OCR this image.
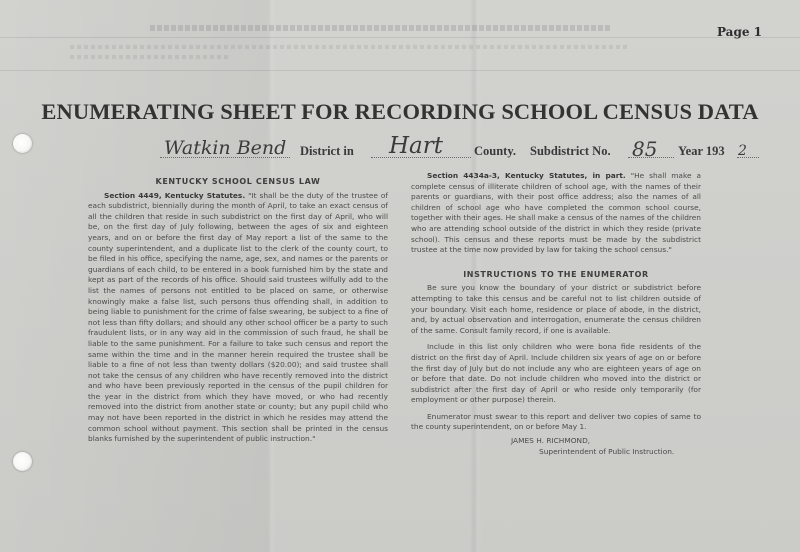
Page 1
ENUMERATING SHEET FOR RECORDING SCHOOL CENSUS DATA
Watkin Bend District in Hart County. Subdistrict No. 85 Year 193 2
KENTUCKY SCHOOL CENSUS LAW

Section 4449, Kentucky Statutes. "It shall be the duty of the trustee of each subdistrict, biennially during the month of April, to take an exact census of all the children that reside in such subdistrict on the first day of April, who will be, on the first day of July following, between the ages of six and eighteen years, and on or before the first day of May report a list of the same to the county superintendent, and a duplicate list to the clerk of the county court, to be filed in his office, specifying the name, age, sex, and names or the parents or guardians of each child, to be entered in a book furnished him by the state and kept as part of the records of his office. Should said trustees wilfully add to the list the names of persons not entitled to be placed on same, or otherwise knowingly make a false list, such persons thus offending shall, in addition to being liable to punishment for the crime of false swearing, be subject to a fine of not less than fifty dollars; and should any other school officer be a party to such fraudulent lists, or in any way aid in the commission of such fraud, he shall be liable to the same punishment. For a failure to take such census and report the same within the time and in the manner herein required the trustee shall be liable to a fine of not less than twenty dollars ($20.00); and said trustee shall not take the census of any children who have recently removed into the district and who have been previously reported in the census of the pupil children for the year in the district from which they have moved, or who had recently removed into the district from another state or county; but any pupil child who may not have been reported in the district in which he resides may attend the common school without payment. This section shall be printed in the census blanks furnished by the superintendent of public instruction."

Section 4434a-3, Kentucky Statutes, in part. "He shall make a complete census of illiterate children of school age, with the names of their parents or guardians, with their post office address; also the names of all children of school age who have completed the common school course, together with their ages. He shall make a census of the names of the children who are attending school outside of the district in which they reside (private school). This census and these reports must be made by the subdistrict trustee at the time now provided by law for taking the school census."

INSTRUCTIONS TO THE ENUMERATOR

Be sure you know the boundary of your district or subdistrict before attempting to take this census and be careful not to list children outside of your boundary. Visit each home, residence or place of abode, in the district, and, by actual observation and interrogation, enumerate the census children of the same. Consult family record, if one is available.

Include in this list only children who were bona fide residents of the district on the first day of April. Include children six years of age on or before the first day of July but do not include any who are eighteen years of age on or before that date. Do not include children who moved into the district or subdistrict after the first day of April or who reside only temporarily (for employment or other purpose) therein.

Enumerator must swear to this report and deliver two copies of same to the county superintendent, on or before May 1.

JAMES H. RICHMOND,

Superintendent of Public Instruction.
